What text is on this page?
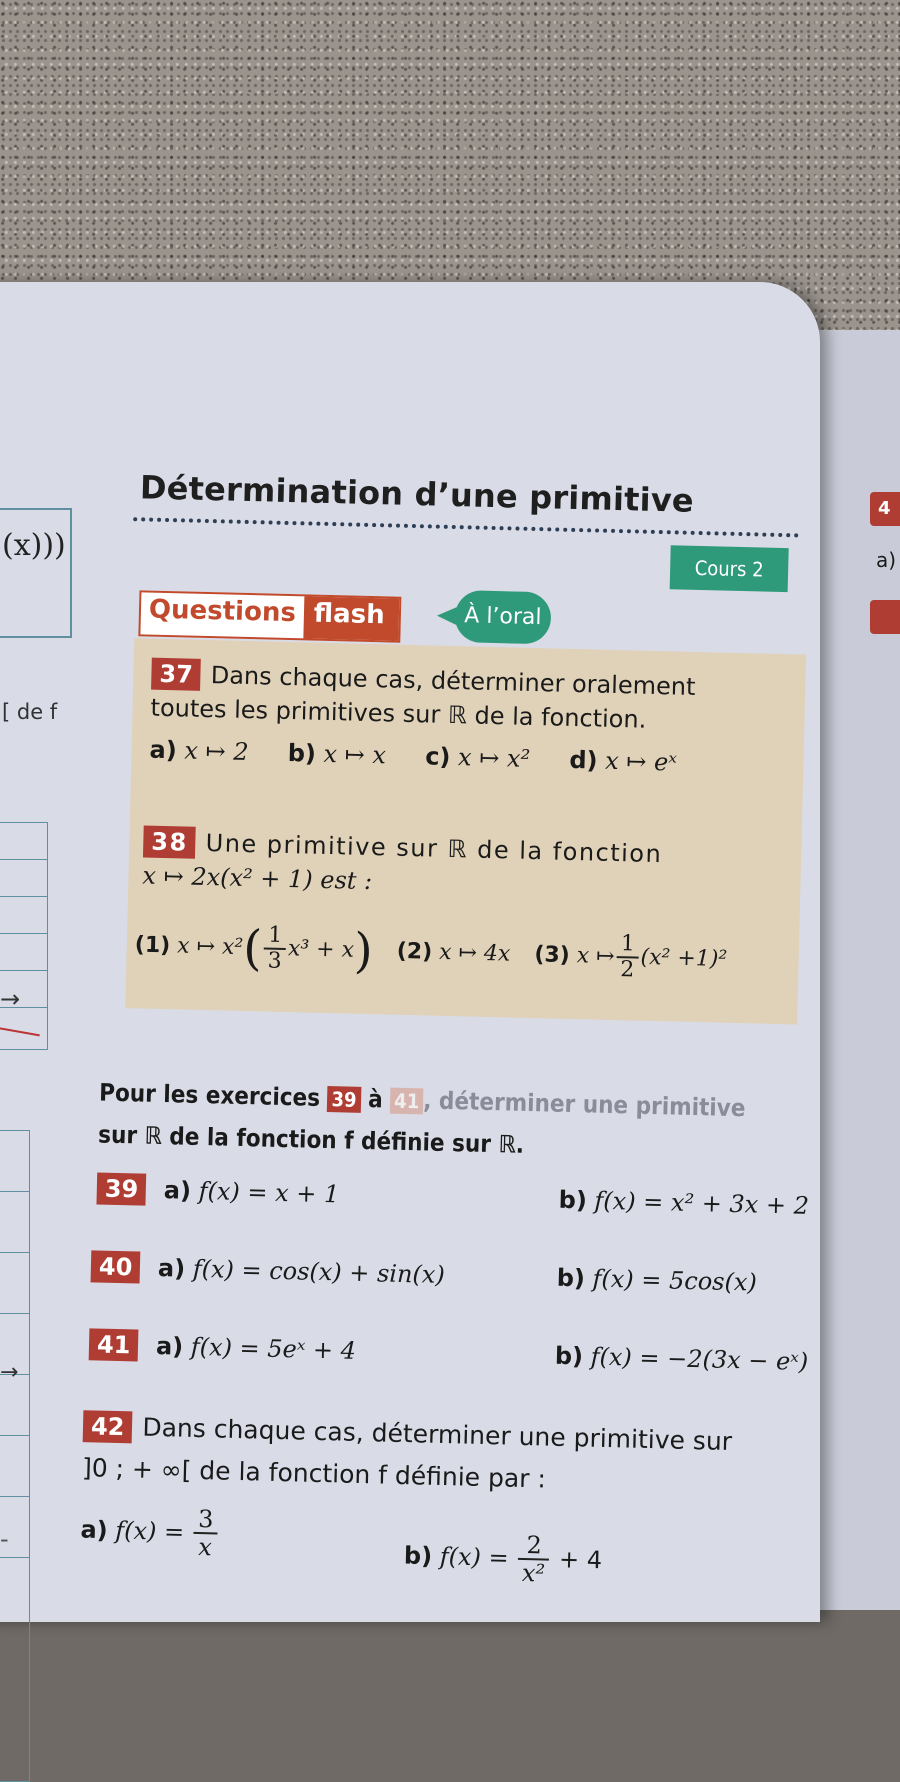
(x)))
[ de f
→
→
-
4
a)
Détermination d’une primitive
Cours 2
Questions flash	À l’oral
37 Dans chaque cas, déterminer oralement
toutes les primitives sur ℝ de la fonction.
a) x ↦ 2 b) x ↦ x c) x ↦ x² d) x ↦ eˣ
38 Une primitive sur ℝ de la fonction
x ↦ 2x(x² + 1) est :
(1) x ↦ $x^2( \frac{1}{3} x^3 + x)$ (2) x ↦ 4x (3) x ↦ $\frac{1}{2} (x^2 +1)^2$
Pour les exercices 39 à 41 , déterminer une primitive
sur ℝ de la fonction f définie sur ℝ.
39 a) f(x) = x + 1	b) f(x) = x² + 3x + 2
40 a) f(x) = cos(x) + sin(x)	b) f(x) = 5cos(x)
41 a) f(x) = 5eˣ + 4	b) f(x) = −2(3x − eˣ)
42 Dans chaque cas, déterminer une primitive sur
]0 ; + ∞[ de la fonction f définie par :
a) $f(x) = \frac{3}{x}$	b) $f(x) = \frac{2}{\text{x²}} + 4$
